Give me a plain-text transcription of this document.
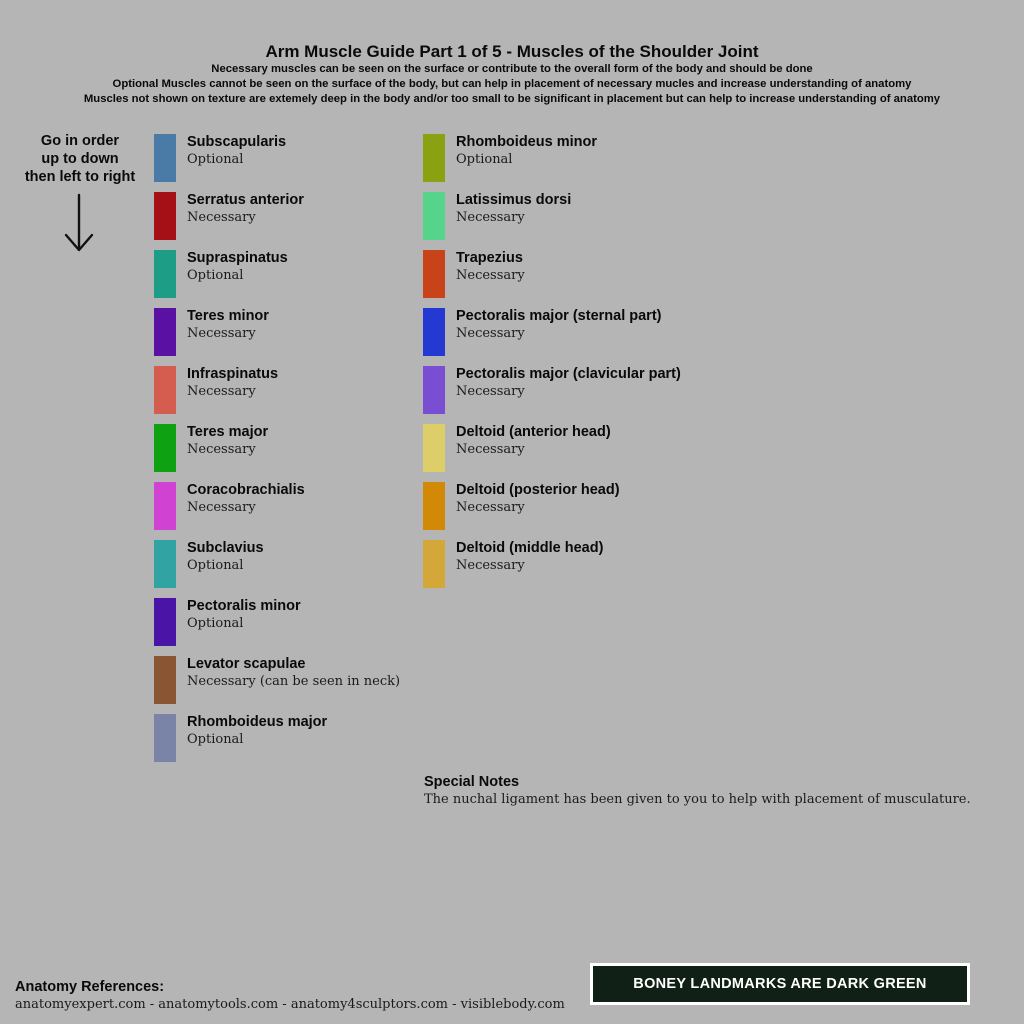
Arm Muscle Guide Part 1 of 5 - Muscles of the Shoulder Joint
Necessary muscles can be seen on the surface or contribute to the overall form of the body and should be done
Optional Muscles cannot be seen on the surface of the body, but can help in placement of necessary mucles and increase understanding of anatomy
Muscles not shown on texture are extemely deep in the body and/or too small to be significant in placement but can help to increase understanding of anatomy
Go in order
up to down
then left to right
Subscapularis
Optional
Serratus anterior
Necessary
Supraspinatus
Optional
Teres minor
Necessary
Infraspinatus
Necessary
Teres major
Necessary
Coracobrachialis
Necessary
Subclavius
Optional
Pectoralis minor
Optional
Levator scapulae
Necessary (can be seen in neck)
Rhomboideus major
Optional
Rhomboideus minor
Optional
Latissimus dorsi
Necessary
Trapezius
Necessary
Pectoralis major (sternal part)
Necessary
Pectoralis major (clavicular part)
Necessary
Deltoid (anterior head)
Necessary
Deltoid (posterior head)
Necessary
Deltoid (middle head)
Necessary
Special Notes
The nuchal ligament has been given to you to help with placement of musculature.
Anatomy References:
anatomyexpert.com - anatomytools.com - anatomy4sculptors.com - visiblebody.com
BONEY LANDMARKS ARE DARK GREEN
